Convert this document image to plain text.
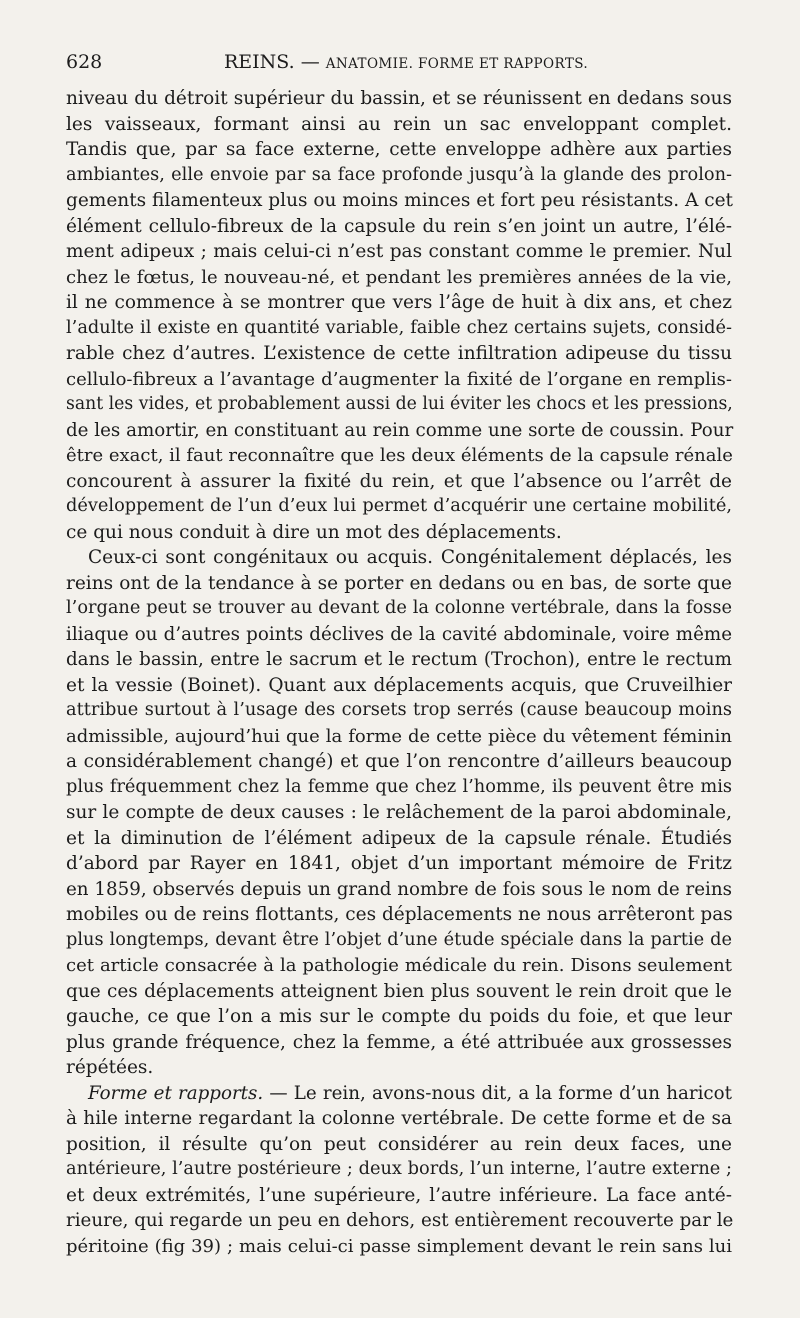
628	REINS. — ANATOMIE. FORME ET RAPPORTS.
niveau du détroit supérieur du bassin, et se réunissent en dedans sous
les vaisseaux, formant ainsi au rein un sac enveloppant complet.
Tandis que, par sa face externe, cette enveloppe adhère aux parties
ambiantes, elle envoie par sa face profonde jusqu’à la glande des prolon-
gements filamenteux plus ou moins minces et fort peu résistants. A cet
élément cellulo-fibreux de la capsule du rein s’en joint un autre, l’élé-
ment adipeux ; mais celui-ci n’est pas constant comme le premier. Nul
chez le fœtus, le nouveau-né, et pendant les premières années de la vie,
il ne commence à se montrer que vers l’âge de huit à dix ans, et chez
l’adulte il existe en quantité variable, faible chez certains sujets, considé-
rable chez d’autres. L’existence de cette infiltration adipeuse du tissu
cellulo-fibreux a l’avantage d’augmenter la fixité de l’organe en remplis-
sant les vides, et probablement aussi de lui éviter les chocs et les pressions,
de les amortir, en constituant au rein comme une sorte de coussin. Pour
être exact, il faut reconnaître que les deux éléments de la capsule rénale
concourent à assurer la fixité du rein, et que l’absence ou l’arrêt de
développement de l’un d’eux lui permet d’acquérir une certaine mobilité,
ce qui nous conduit à dire un mot des déplacements.
Ceux-ci sont congénitaux ou acquis. Congénitalement déplacés, les
reins ont de la tendance à se porter en dedans ou en bas, de sorte que
l’organe peut se trouver au devant de la colonne vertébrale, dans la fosse
iliaque ou d’autres points déclives de la cavité abdominale, voire même
dans le bassin, entre le sacrum et le rectum (Trochon), entre le rectum
et la vessie (Boinet). Quant aux déplacements acquis, que Cruveilhier
attribue surtout à l’usage des corsets trop serrés (cause beaucoup moins
admissible, aujourd’hui que la forme de cette pièce du vêtement féminin
a considérablement changé) et que l’on rencontre d’ailleurs beaucoup
plus fréquemment chez la femme que chez l’homme, ils peuvent être mis
sur le compte de deux causes : le relâchement de la paroi abdominale,
et la diminution de l’élément adipeux de la capsule rénale. Étudiés
d’abord par Rayer en 1841, objet d’un important mémoire de Fritz
en 1859, observés depuis un grand nombre de fois sous le nom de reins
mobiles ou de reins flottants, ces déplacements ne nous arrêteront pas
plus longtemps, devant être l’objet d’une étude spéciale dans la partie de
cet article consacrée à la pathologie médicale du rein. Disons seulement
que ces déplacements atteignent bien plus souvent le rein droit que le
gauche, ce que l’on a mis sur le compte du poids du foie, et que leur
plus grande fréquence, chez la femme, a été attribuée aux grossesses
répétées.
Forme et rapports. — Le rein, avons-nous dit, a la forme d’un haricot
à hile interne regardant la colonne vertébrale. De cette forme et de sa
position, il résulte qu’on peut considérer au rein deux faces, une
antérieure, l’autre postérieure ; deux bords, l’un interne, l’autre externe ;
et deux extrémités, l’une supérieure, l’autre inférieure. La face anté-
rieure, qui regarde un peu en dehors, est entièrement recouverte par le
péritoine (fig 39) ; mais celui-ci passe simplement devant le rein sans lui
